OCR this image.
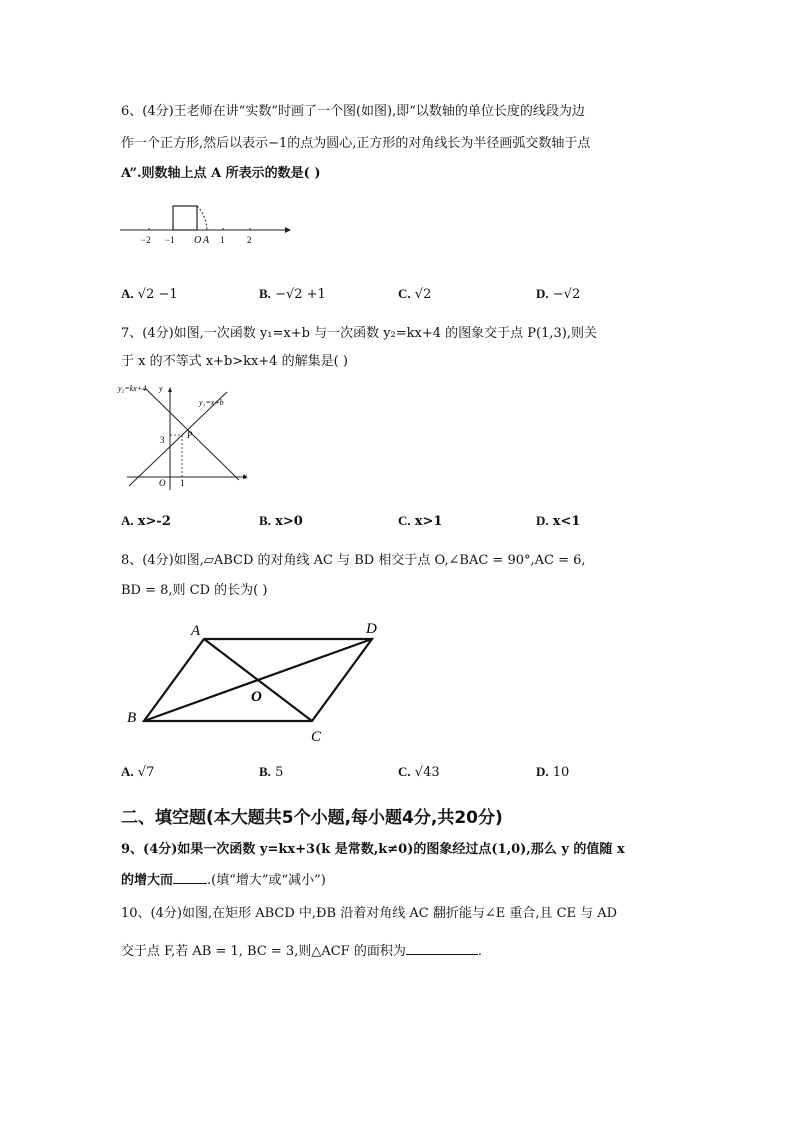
6、(4分)王老师在讲“实数”时画了一个图(如图),即“以数轴的单位长度的线段为边
作一个正方形,然后以表示−1的点为圆心,正方形的对角线长为半径画弧交数轴于点
A”.则数轴上点 A 所表示的数是( )
−2 −1 O A 1	2
A. √2 −1	B. −√2 +1	C. √2	D. −√2
7、(4分)如图,一次函数 y₁=x+b 与一次函数 y₂=kx+4 的图象交于点 P(1,3),则关
于 x 的不等式 x+b>kx+4 的解集是( )
y₂=kx+4 y
y₁=x+b
P
3
x
O 1
A. x>-2	B. x>0	C. x>1	D. x<1
8、(4分)如图,▱ABCD 的对角线 AC 与 BD 相交于点 O,∠BAC = 90°,AC = 6,
BD = 8,则 CD 的长为( )
A	D
O
B
C
A. √7	B. 5	C. √43	D. 10
二、填空题(本大题共5个小题,每小题4分,共20分)
9、(4分)如果一次函数 y=kx+3(k 是常数,k≠0)的图象经过点(1,0),那么 y 的值随 x
的增大而	.(填“增大”或“减小”)
10、(4分)如图,在矩形 ABCD 中,ÐB 沿着对角线 AC 翻折能与∠E 重合,且 CE 与 AD
交于点 F,若 AB = 1, BC = 3,则△ACF 的面积为	.
